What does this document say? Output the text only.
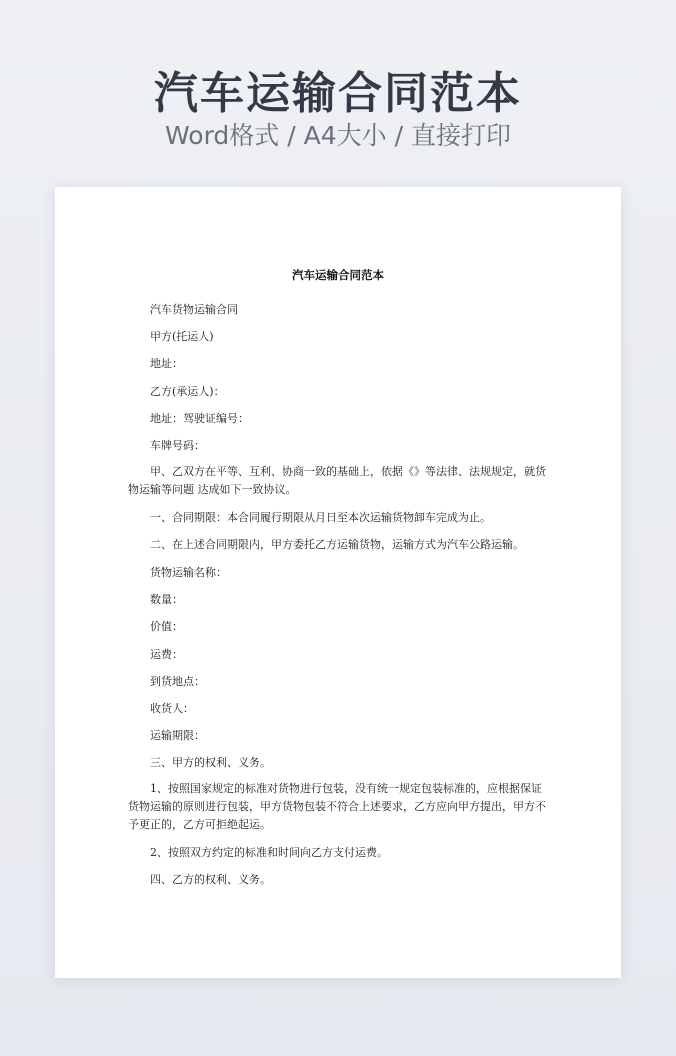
汽车运输合同范本
Word格式 / A4大小 / 直接打印
汽车运输合同范本
汽车货物运输合同
甲方(托运人)
地址：
乙方(承运人)：
地址：驾驶证编号：
车牌号码：
甲、乙双方在平等、互利、协商一致的基础上，依据《》等法律、法规规定，就货物运输等问题 达成如下一致协议。
一、合同期限：本合同履行期限从月日至本次运输货物卸车完成为止。
二、在上述合同期限内，甲方委托乙方运输货物，运输方式为汽车公路运输。
货物运输名称：
数量：
价值：
运费：
到货地点：
收货人：
运输期限：
三、甲方的权利、义务。
1、按照国家规定的标准对货物进行包装，没有统一规定包装标准的，应根据保证货物运输的原则进行包装，甲方货物包装不符合上述要求，乙方应向甲方提出，甲方不予更正的，乙方可拒绝起运。
2、按照双方约定的标准和时间向乙方支付运费。
四、乙方的权利、义务。
